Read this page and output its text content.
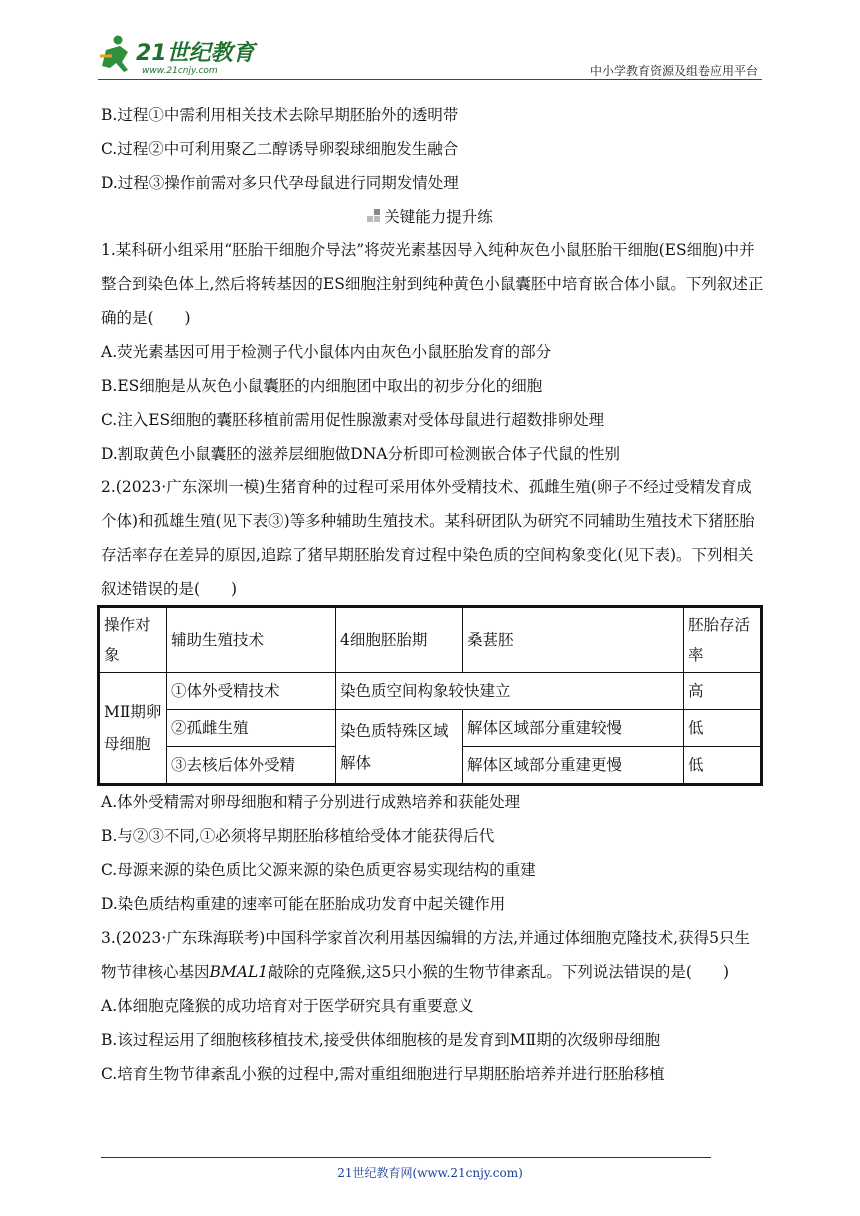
21世纪教育
www.21cnjy.com	中小学教育资源及组卷应用平台
B.过程①中需利用相关技术去除早期胚胎外的透明带
C.过程②中可利用聚乙二醇诱导卵裂球细胞发生融合
D.过程③操作前需对多只代孕母鼠进行同期发情处理
关键能力提升练
1.某科研小组采用“胚胎干细胞介导法”将荧光素基因导入纯种灰色小鼠胚胎干细胞(ES细胞)中并整合到染色体上,然后将转基因的ES细胞注射到纯种黄色小鼠囊胚中培育嵌合体小鼠。下列叙述正确的是(　　)
A.荧光素基因可用于检测子代小鼠体内由灰色小鼠胚胎发育的部分
B.ES细胞是从灰色小鼠囊胚的内细胞团中取出的初步分化的细胞
C.注入ES细胞的囊胚移植前需用促性腺激素对受体母鼠进行超数排卵处理
D.割取黄色小鼠囊胚的滋养层细胞做DNA分析即可检测嵌合体子代鼠的性别
2.(2023·广东深圳一模)生猪育种的过程可采用体外受精技术、孤雌生殖(卵子不经过受精发育成个体)和孤雄生殖(见下表③)等多种辅助生殖技术。某科研团队为研究不同辅助生殖技术下猪胚胎存活率存在差异的原因,追踪了猪早期胚胎发育过程中染色质的空间构象变化(见下表)。下列相关叙述错误的是(　　)
操作对象	辅助生殖技术	4细胞胚胎期	桑葚胚	胚胎存活率
MⅡ期卵母细胞	①体外受精技术	染色质空间构象较快建立		高
	②孤雌生殖	染色质特殊区域解体	解体区域部分重建较慢	低
	③去核后体外受精		解体区域部分重建更慢	低
A.体外受精需对卵母细胞和精子分别进行成熟培养和获能处理
B.与②③不同,①必须将早期胚胎移植给受体才能获得后代
C.母源来源的染色质比父源来源的染色质更容易实现结构的重建
D.染色质结构重建的速率可能在胚胎成功发育中起关键作用
3.(2023·广东珠海联考)中国科学家首次利用基因编辑的方法,并通过体细胞克隆技术,获得5只生物节律核心基因BMAL1敲除的克隆猴,这5只小猴的生物节律紊乱。下列说法错误的是(　　)
A.体细胞克隆猴的成功培育对于医学研究具有重要意义
B.该过程运用了细胞核移植技术,接受供体细胞核的是发育到MⅡ期的次级卵母细胞
C.培育生物节律紊乱小猴的过程中,需对重组细胞进行早期胚胎培养并进行胚胎移植
21世纪教育网(www.21cnjy.com)
